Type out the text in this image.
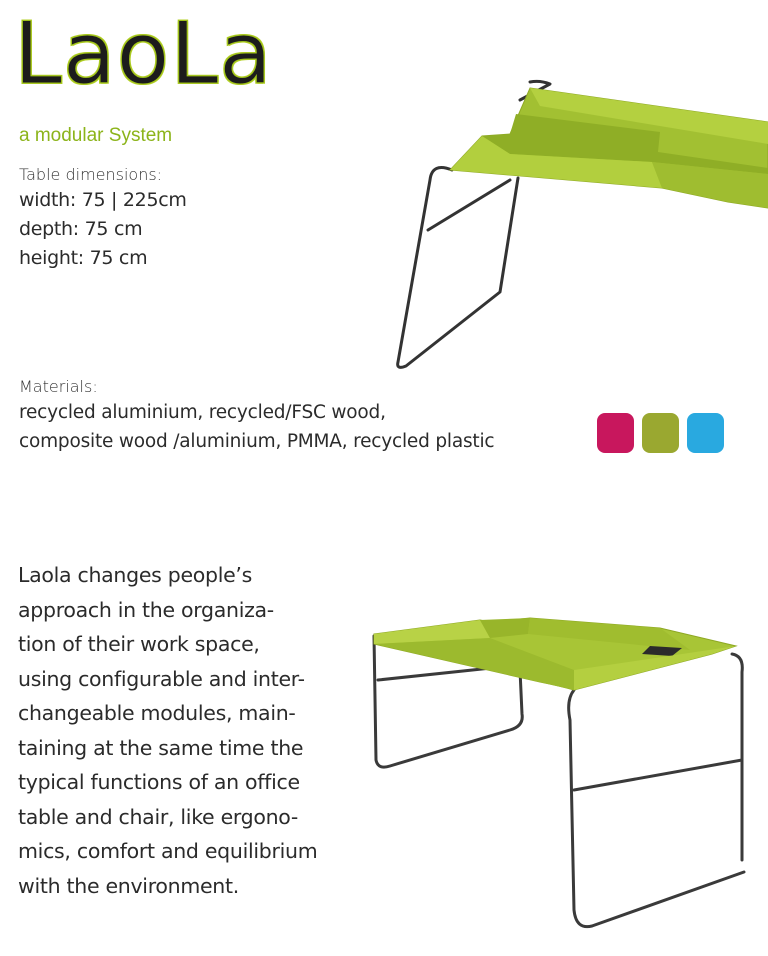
LaoLa
a modular System
Table dimensions:
width: 75 | 225cm
depth: 75 cm
height: 75 cm
Materials:
recycled aluminium, recycled/FSC wood,
composite wood /aluminium, PMMA, recycled plastic
Laola changes people’s
approach in the organiza-
tion of their work space,
using configurable and inter-
changeable modules, main-
taining at the same time the
typical functions of an office
table and chair, like ergono-
mics, comfort and equilibrium
with the environment.
